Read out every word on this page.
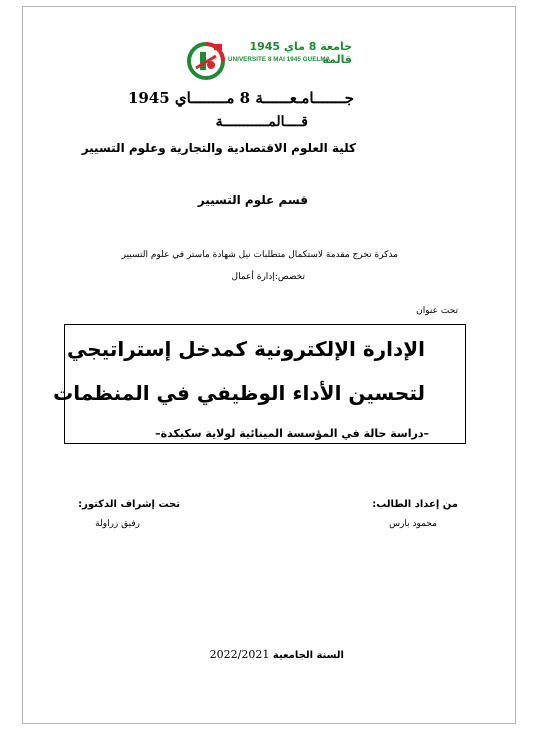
جامعة 8 ماي 1945 قالمة
UNIVERSITE 8 MAI 1945 GUELMA
جـــــــامـعــــــة 8 مــــــــاي 1945
قــــالمـــــــــــة
كلية العلوم الاقتصادية والتجارية وعلوم التسيير
قسم علوم التسيير
مذكرة تخرج مقدمة لاستكمال متطلبات نيل شهادة ماستر في علوم التسيير
تخصص:إدارة أعمال
تحت عنوان
الإدارة الإلكترونية كمدخل إستراتيجي
لتحسين الأداء الوظيفي في المنظمات
–دراسة حالة في المؤسسة المينائية لولاية سكيكدة–
من إعداد الطالب:
محمود بارس
تحت إشراف الدكتور:
رفيق زراولة
السنة الجامعية 2022/2021
